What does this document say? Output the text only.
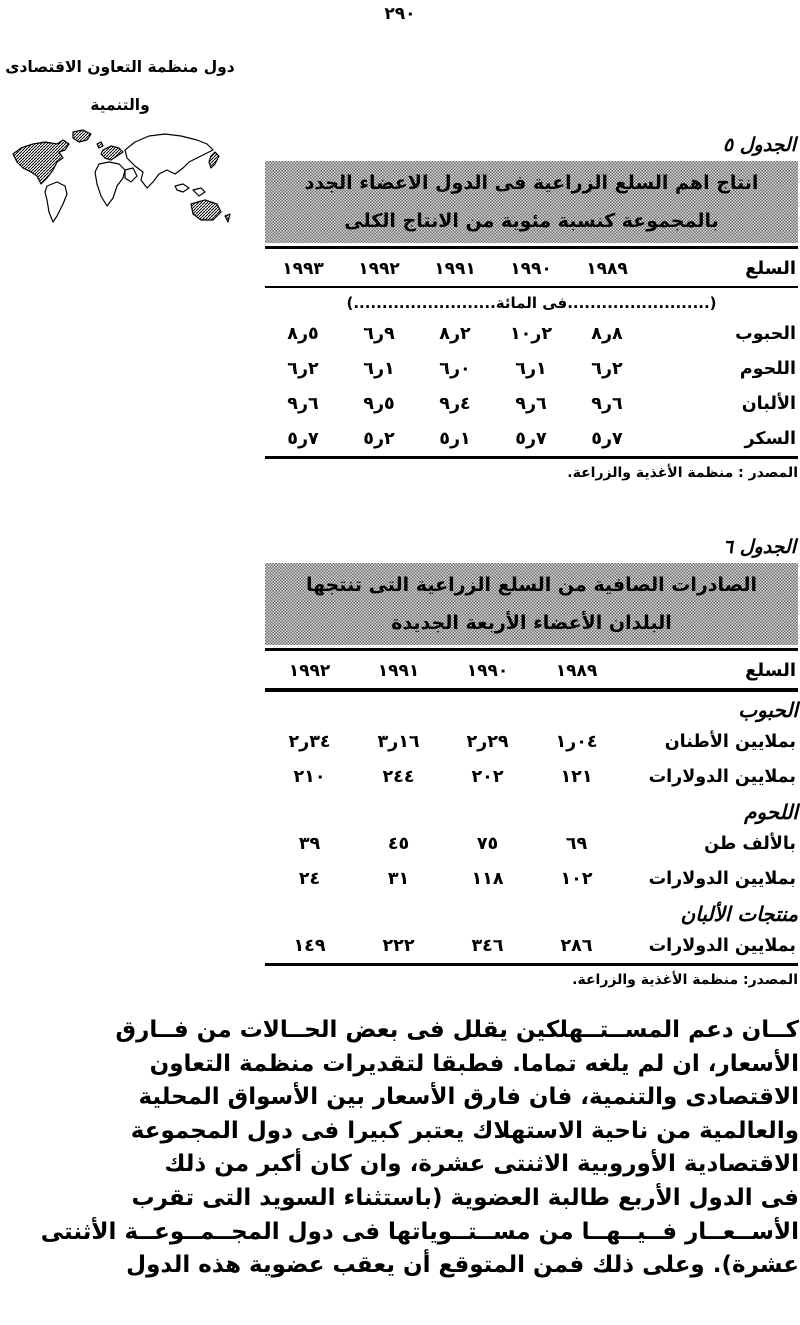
٢٩٠
دول منظمة التعاون الاقتصادى
والتنمية
الجدول ٥
انتاج اهم السلع الزراعية فى الدول الاعضاء الجدد
بالمجموعة كنسبة مئوية من الانتاج الكلى
السلع	١٩٨٩	١٩٩٠	١٩٩١	١٩٩٢	١٩٩٣
(.........................فى المائة.........................)					
الحبوب	٨ر٨	١٠ر٢	٨ر٢	٦ر٩	٨ر٥
اللحوم	٦ر٢	٦ر١	٦ر٠	٦ر١	٦ر٢
الألبان	٩ر٦	٩ر٦	٩ر٤	٩ر٥	٩ر٦
السكر	٥ر٧	٥ر٧	٥ر١	٥ر٢	٥ر٧
المصدر : منظمة الأغذية والزراعة.
الجدول ٦
الصادرات الصافية من السلع الزراعية التى تنتجها
البلدان الأعضاء الأربعة الجديدة
السلع	١٩٨٩	١٩٩٠	١٩٩١	١٩٩٢
الحبوب				
بملايين الأطنان	١ر٠٤	٢ر٢٩	٣ر١٦	٢ر٣٤
بملايين الدولارات	١٢١	٢٠٢	٢٤٤	٢١٠
اللحوم				
بالألف طن	٦٩	٧٥	٤٥	٣٩
بملايين الدولارات	١٠٢	١١٨	٣١	٢٤
منتجات الألبان				
بملايين الدولارات	٢٨٦	٣٤٦	٢٢٢	١٤٩
المصدر: منظمة الأغذية والزراعة.
كــان دعم المســتــهلكين يقلل فى بعض الحــالات من فــارق
الأسعار، ان لم يلغه تماما. فطبقا لتقديرات منظمة التعاون
الاقتصادى والتنمية، فان فارق الأسعار بين الأسواق المحلية
والعالمية من ناحية الاستهلاك يعتبر كبيرا فى دول المجموعة
الاقتصادية الأوروبية الاثنتى عشرة، وان كان أكبر من ذلك
فى الدول الأربع طالبة العضوية (باستثناء السويد التى تقرب
الأســعــار فــيــهــا من مســتــوياتها فى دول المجــمــوعــة الأثنتى
عشرة). وعلى ذلك فمن المتوقع أن يعقب عضوية هذه الدول
